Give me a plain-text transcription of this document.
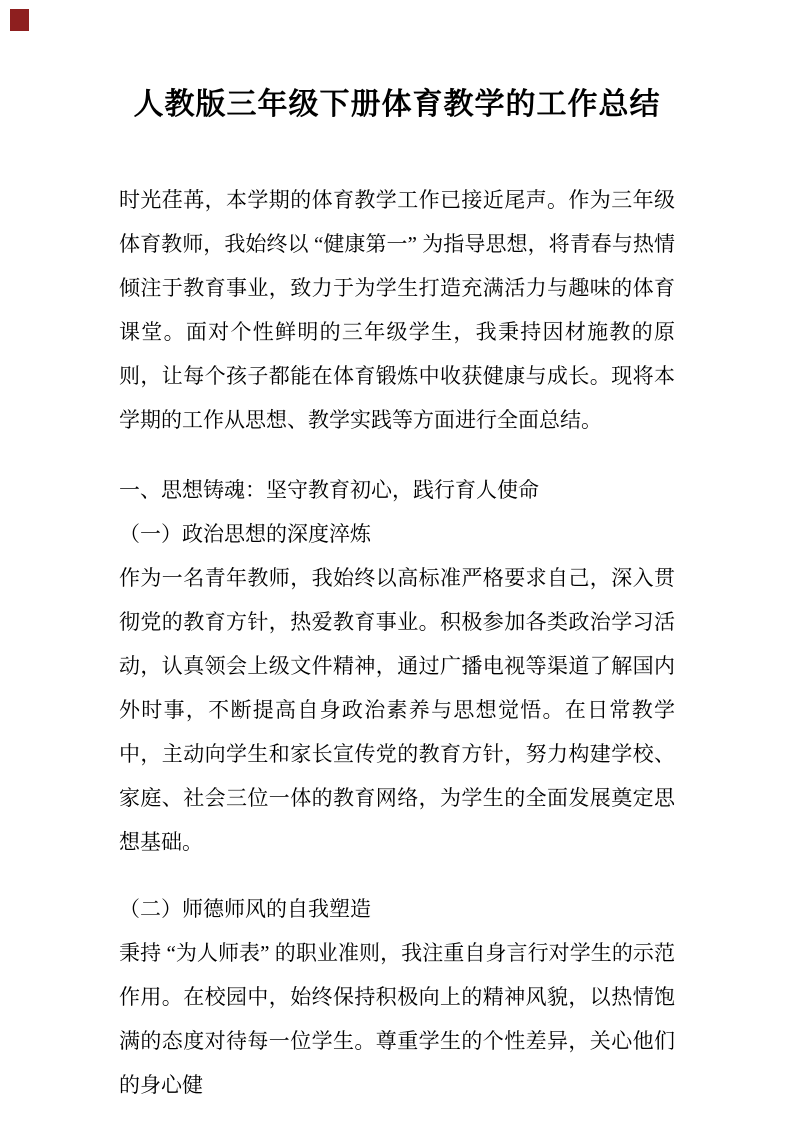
人教版三年级下册体育教学的工作总结

时光荏苒，本学期的体育教学工作已接近尾声。作为三年级体育教师，我始终以 “健康第一” 为指导思想，将青春与热情倾注于教育事业，致力于为学生打造充满活力与趣味的体育课堂。面对个性鲜明的三年级学生，我秉持因材施教的原则，让每个孩子都能在体育锻炼中收获健康与成长。现将本学期的工作从思想、教学实践等方面进行全面总结。

一、思想铸魂：坚守教育初心，践行育人使命

（一）政治思想的深度淬炼

作为一名青年教师，我始终以高标准严格要求自己，深入贯彻党的教育方针，热爱教育事业。积极参加各类政治学习活动，认真领会上级文件精神，通过广播电视等渠道了解国内外时事，不断提高自身政治素养与思想觉悟。在日常教学中，主动向学生和家长宣传党的教育方针，努力构建学校、家庭、社会三位一体的教育网络，为学生的全面发展奠定思想基础。

（二）师德师风的自我塑造

秉持 “为人师表” 的职业准则，我注重自身言行对学生的示范作用。在校园中，始终保持积极向上的精神风貌，以热情饱满的态度对待每一位学生。尊重学生的个性差异，关心他们的身心健
